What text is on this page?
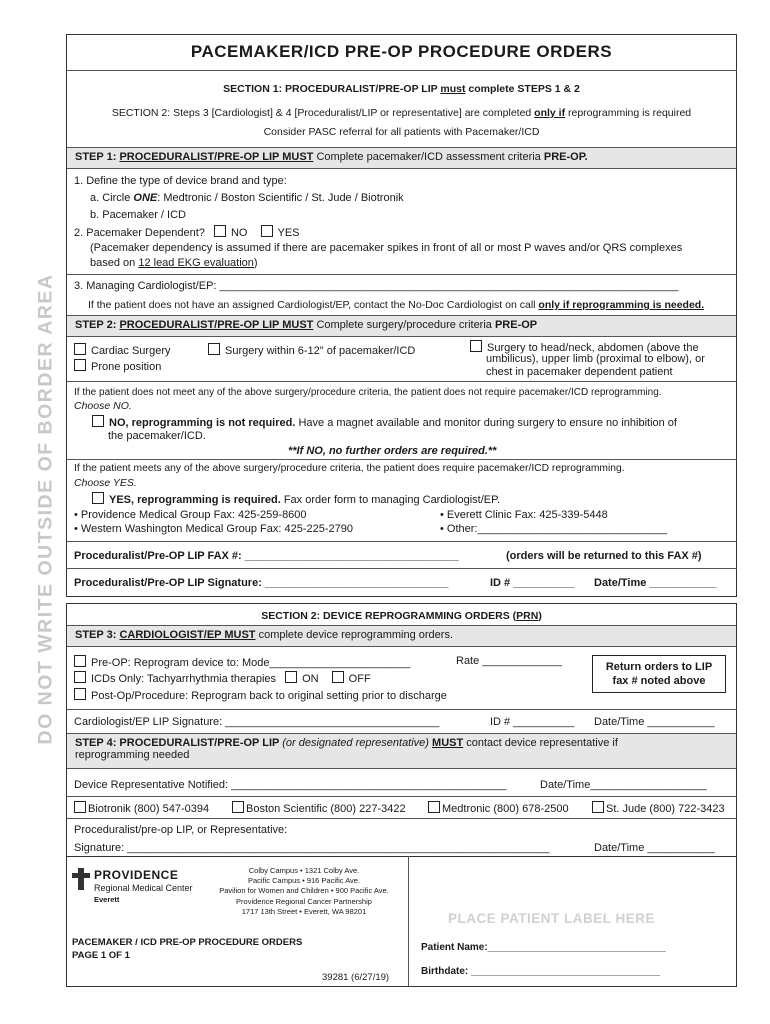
DO NOT WRITE OUTSIDE OF BORDER AREA
PACEMAKER/ICD PRE-OP PROCEDURE ORDERS
SECTION 1: PROCEDURALIST/PRE-OP LIP must complete STEPS 1 & 2
SECTION 2: Steps 3 [Cardiologist] & 4 [Proceduralist/LIP or representative] are completed only if reprogramming is required
Consider PASC referral for all patients with Pacemaker/ICD
STEP 1: PROCEDURALIST/PRE-OP LIP MUST Complete pacemaker/ICD assessment criteria PRE-OP.
1. Define the type of device brand and type:
a. Circle ONE: Medtronic / Boston Scientific / St. Jude / Biotronik
b. Pacemaker / ICD
2. Pacemaker Dependent? NO	YES
(Pacemaker dependency is assumed if there are pacemaker spikes in front of all or most P waves and/or QRS complexes
based on 12 lead EKG evaluation)
3. Managing Cardiologist/EP: ___________________________________________________________________________
If the patient does not have an assigned Cardiologist/EP, contact the No-Doc Cardiologist on call only if reprogramming is needed.
STEP 2: PROCEDURALIST/PRE-OP LIP MUST Complete surgery/procedure criteria PRE-OP
Cardiac Surgery	Surgery within 6-12" of pacemaker/ICD	Surgery to head/neck, abdomen (above the
umbilicus), upper limb (proximal to elbow), or
chest in pacemaker dependent patient
Prone position
If the patient does not meet any of the above surgery/procedure criteria, the patient does not require pacemaker/ICD reprogramming.
Choose NO.
NO, reprogramming is not required. Have a magnet available and monitor during surgery to ensure no inhibition of
the pacemaker/ICD.
**If NO, no further orders are required.**
If the patient meets any of the above surgery/procedure criteria, the patient does require pacemaker/ICD reprogramming.
Choose YES.
YES, reprogramming is required. Fax order form to managing Cardiologist/EP.
• Providence Medical Group Fax: 425-259-8600	• Everett Clinic Fax: 425-339-5448
• Western Washington Medical Group Fax: 425-225-2790	• Other:_______________________________
Proceduralist/Pre-OP LIP FAX #: ___________________________________	(orders will be returned to this FAX #)
Proceduralist/Pre-OP LIP Signature: ______________________________	ID # __________ Date/Time ___________
SECTION 2: DEVICE REPROGRAMMING ORDERS (PRN)
STEP 3: CARDIOLOGIST/EP MUST complete device reprogramming orders.
Pre-OP: Reprogram device to: Mode_______________________	Rate _____________
ICDs Only: Tachyarrhythmia therapies ON	OFF
Post-Op/Procedure: Reprogram back to original setting prior to discharge
Return orders to LIP
fax # noted above
Cardiologist/EP LIP Signature: ___________________________________	ID # __________ Date/Time ___________
STEP 4: PROCEDURALIST/PRE-OP LIP (or designated representative) MUST contact device representative if
reprogramming needed
Device Representative Notified: _____________________________________________	Date/Time___________________
Biotronik (800) 547-0394	Boston Scientific (800) 227-3422	Medtronic (800) 678-2500	St. Jude (800) 722-3423
Proceduralist/pre-op LIP, or Representative:
Signature: _____________________________________________________________________	Date/Time ___________
PROVIDENCE
Regional Medical Center
Everett
Colby Campus • 1321 Colby Ave.
Pacific Campus • 916 Pacific Ave.
Pavilion for Women and Children • 900 Pacific Ave.
Providence Regional Cancer Partnership
1717 13th Street • Everett, WA 98201
PACEMAKER / ICD PRE-OP PROCEDURE ORDERS
PAGE 1 OF 1
39281 (6/27/19)
PLACE PATIENT LABEL HERE
Patient Name:________________________________
Birthdate: __________________________________
